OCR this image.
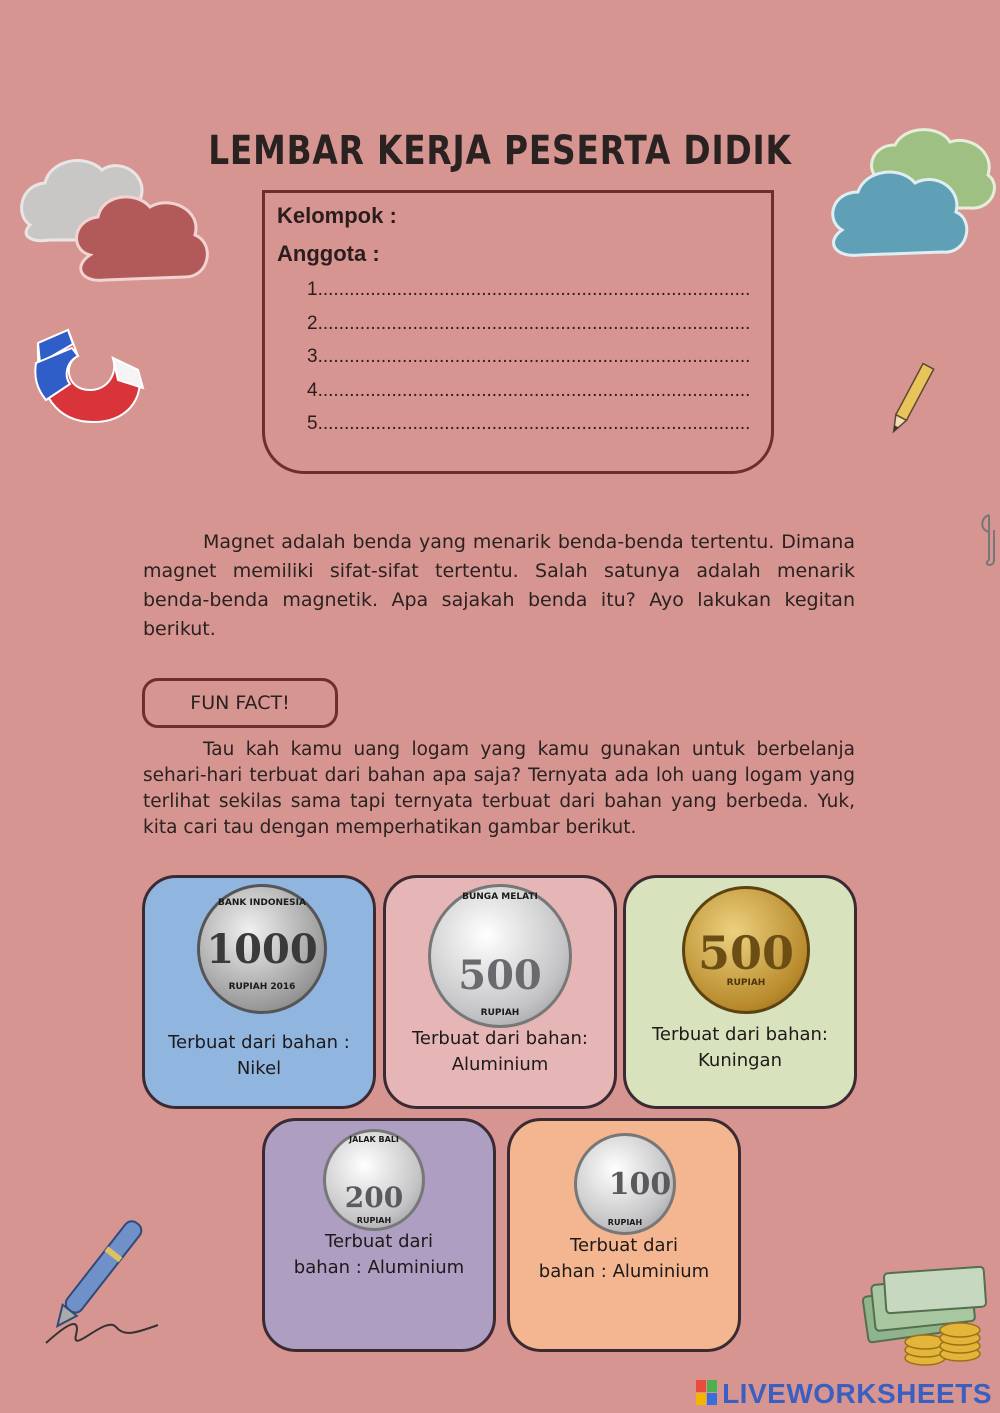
LEMBAR KERJA PESERTA DIDIK
Kelompok :
Anggota :
1. .................................................................................
2. .................................................................................
3. .................................................................................
4. .................................................................................
5. .................................................................................
Magnet adalah benda yang menarik benda-benda tertentu. Dimana magnet memiliki sifat-sifat tertentu. Salah satunya adalah menarik benda-benda magnetik. Apa sajakah benda itu? Ayo lakukan kegitan berikut.
FUN FACT!
Tau kah kamu uang logam yang kamu gunakan untuk berbelanja sehari-hari terbuat dari bahan apa saja? Ternyata ada loh uang logam yang terlihat sekilas sama tapi ternyata terbuat dari bahan yang berbeda. Yuk, kita cari tau dengan memperhatikan gambar berikut.
BANK INDONESIA
1000
RUPIAH 2016
Terbuat dari bahan :
Nikel
BUNGA MELATI
500
RUPIAH
Terbuat dari bahan:
Aluminium
500
RUPIAH
Terbuat dari bahan:
Kuningan
JALAK BALI
200
RUPIAH
Terbuat dari
bahan : Aluminium
100
RUPIAH
Terbuat dari
bahan : Aluminium
LIVEWORKSHEETS
